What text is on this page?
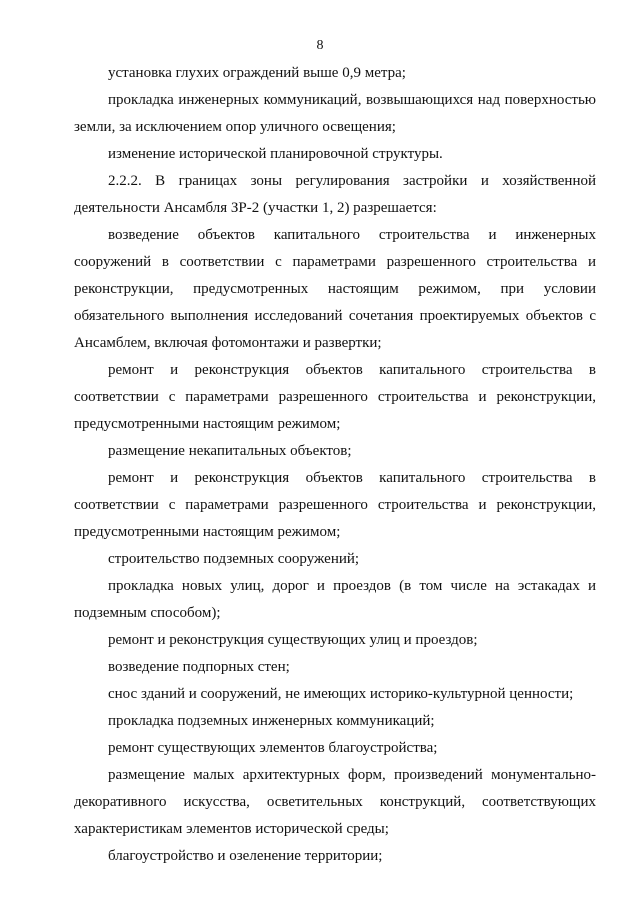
8

установка глухих ограждений выше 0,9 метра;

прокладка инженерных коммуникаций, возвышающихся над поверхностью земли, за исключением опор уличного освещения;

изменение исторической планировочной структуры.

2.2.2. В границах зоны регулирования застройки и хозяйственной деятельности Ансамбля ЗР-2 (участки 1, 2) разрешается:

возведение объектов капитального строительства и инженерных сооружений в соответствии с параметрами разрешенного строительства и реконструкции, предусмотренных настоящим режимом, при условии обязательного выполнения исследований сочетания проектируемых объектов с Ансамблем, включая фотомонтажи и развертки;

ремонт и реконструкция объектов капитального строительства в соответствии с параметрами разрешенного строительства и реконструкции, предусмотренными настоящим режимом;

размещение некапитальных объектов;

ремонт и реконструкция объектов капитального строительства в соответствии с параметрами разрешенного строительства и реконструкции, предусмотренными настоящим режимом;

строительство подземных сооружений;

прокладка новых улиц, дорог и проездов (в том числе на эстакадах и подземным способом);

ремонт и реконструкция существующих улиц и проездов;

возведение подпорных стен;

снос зданий и сооружений, не имеющих историко-культурной ценности;

прокладка подземных инженерных коммуникаций;

ремонт существующих элементов благоустройства;

размещение малых архитектурных форм, произведений монументально-декоративного искусства, осветительных конструкций, соответствующих характеристикам элементов исторической среды;

благоустройство и озеленение территории;
